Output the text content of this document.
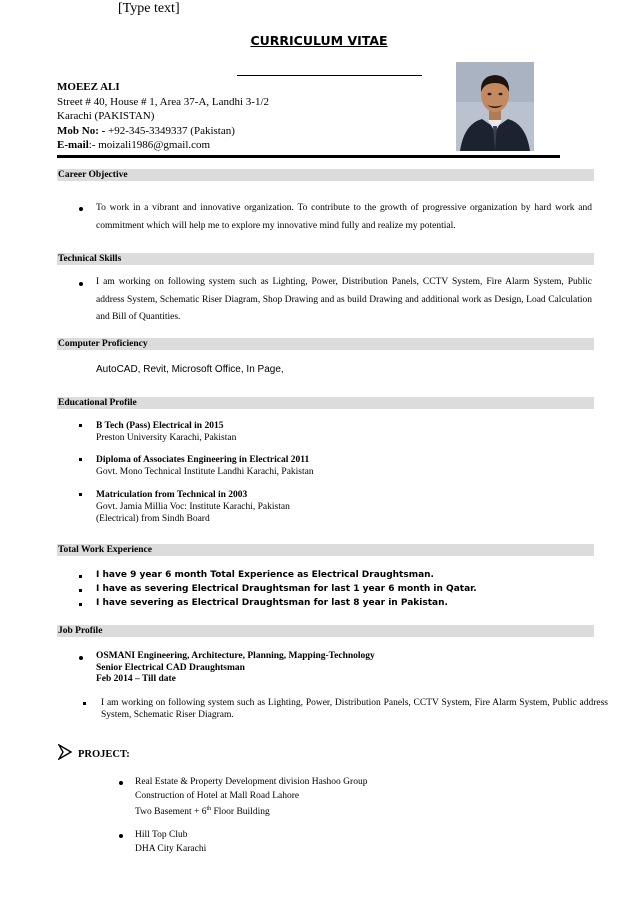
[Type text]
CURRICULUM VITAE
MOEEZ ALI
Street # 40, House # 1, Area 37-A, Landhi 3-1/2
Karachi (PAKISTAN)
Mob No: - +92-345-3349337 (Pakistan)
E-mail:- moizali1986@gmail.com
Career Objective
To work in a vibrant and innovative organization. To contribute to the growth of progressive organization by hard work and commitment which will help me to explore my innovative mind fully and realize my potential.
Technical Skills
I am working on following system such as Lighting, Power, Distribution Panels, CCTV System, Fire Alarm System, Public address System, Schematic Riser Diagram, Shop Drawing and as build Drawing and additional work as Design, Load Calculation and Bill of Quantities.
Computer Proficiency
AutoCAD, Revit, Microsoft Office, In Page,
Educational Profile
B Tech (Pass) Electrical in 2015
Preston University Karachi, Pakistan
Diploma of Associates Engineering in Electrical 2011
Govt. Mono Technical Institute Landhi Karachi, Pakistan
Matriculation from Technical in 2003
Govt. Jamia Millia Voc: Institute Karachi, Pakistan
(Electrical) from Sindh Board
Total Work Experience
I have 9 year 6 month Total Experience as Electrical Draughtsman.
I have as severing Electrical Draughtsman for last 1 year 6 month in Qatar.
I have severing as Electrical Draughtsman for last 8 year in Pakistan.
Job Profile
OSMANI Engineering, Architecture, Planning, Mapping-Technology
Senior Electrical CAD Draughtsman
Feb 2014 – Till date
I am working on following system such as Lighting, Power, Distribution Panels, CCTV System, Fire Alarm System, Public address System, Schematic Riser Diagram.
PROJECT:
Real Estate & Property Development division Hashoo Group
Construction of Hotel at Mall Road Lahore
Two Basement + 6th Floor Building
Hill Top Club
DHA City Karachi
